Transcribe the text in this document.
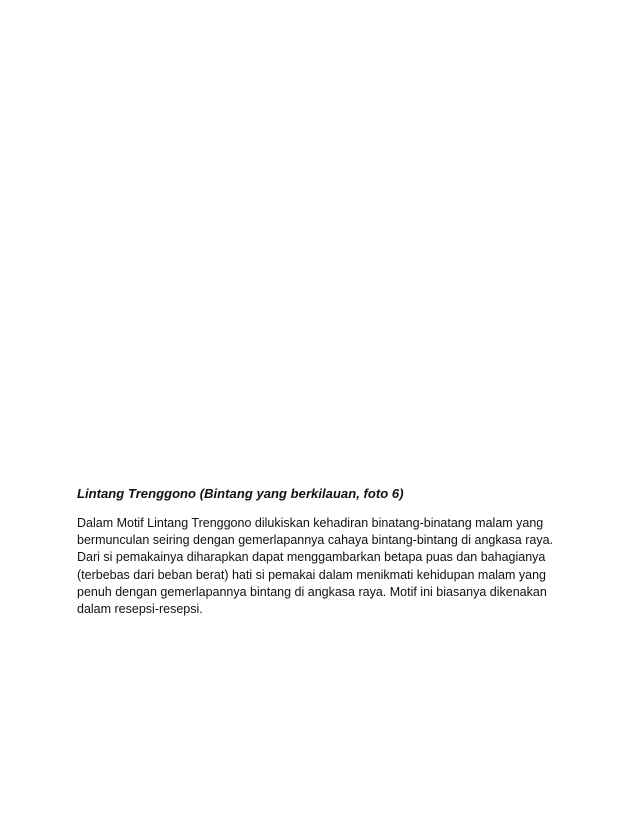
Lintang Trenggono (Bintang yang berkilauan, foto 6)

Dalam Motif Lintang Trenggono dilukiskan kehadiran binatang-binatang malam yang
bermunculan seiring dengan gemerlapannya cahaya bintang-bintang di angkasa raya.
Dari si pemakainya diharapkan dapat menggambarkan betapa puas dan bahagianya
(terbebas dari beban berat) hati si pemakai dalam menikmati kehidupan malam yang
penuh dengan gemerlapannya bintang di angkasa raya. Motif ini biasanya dikenakan
dalam resepsi-resepsi.
